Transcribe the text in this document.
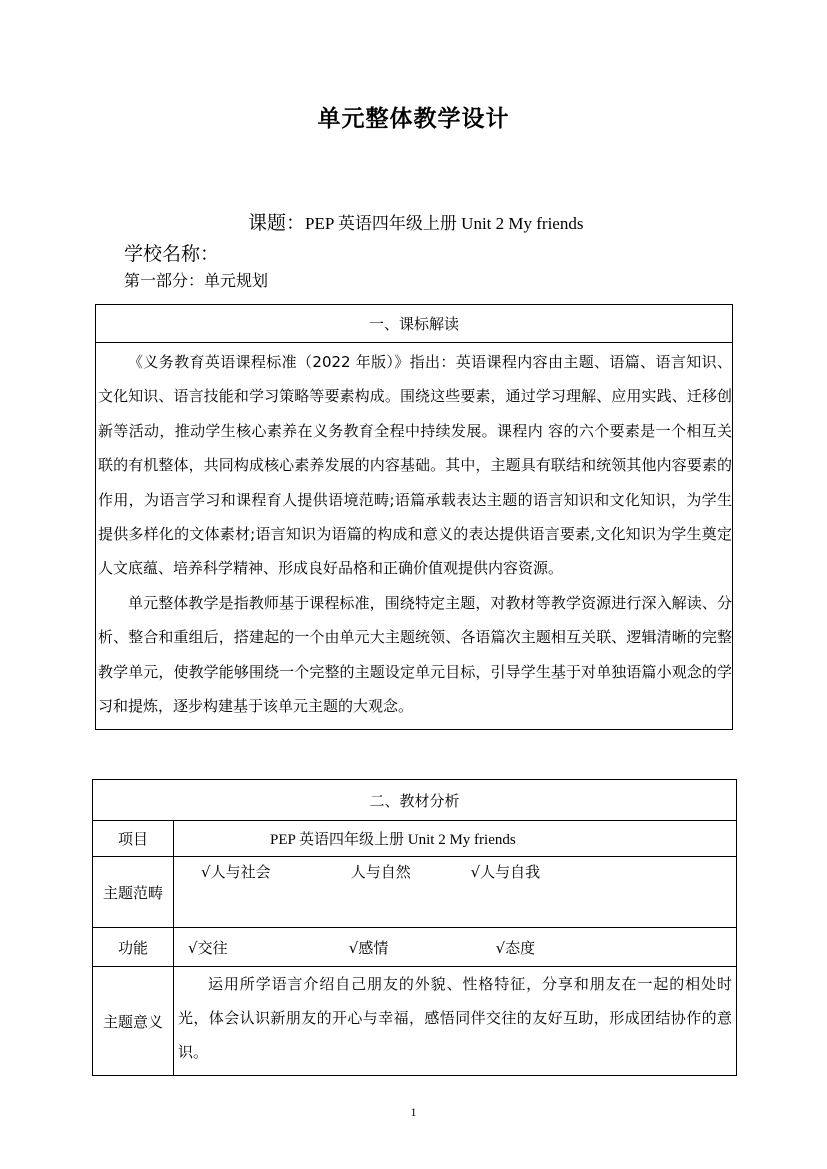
单元整体教学设计
课题：PEP 英语四年级上册 Unit 2 My friends
学校名称：
第一部分：单元规划
一、课标解读

《义务教育英语课程标准（2022 年版）》指出：英语课程内容由主题、语篇、语言知识、文化知识、语言技能和学习策略等要素构成。围绕这些要素，通过学习理解、应用实践、迁移创新等活动，推动学生核心素养在义务教育全程中持续发展。课程内 容的六个要素是一个相互关联的有机整体，共同构成核心素养发展的内容基础。其中，主题具有联结和统领其他内容要素的作用，为语言学习和课程育人提供语境范畴;语篇承载表达主题的语言知识和文化知识，为学生提供多样化的文体素材;语言知识为语篇的构成和意义的表达提供语言要素,文化知识为学生奠定人文底蕴、培养科学精神、形成良好品格和正确价值观提供内容资源。

单元整体教学是指教师基于课程标准，围绕特定主题，对教材等教学资源进行深入解读、分析、整合和重组后，搭建起的一个由单元大主题统领、各语篇次主题相互关联、逻辑清晰的完整教学单元，使教学能够围绕一个完整的主题设定单元目标，引导学生基于对单独语篇小观念的学习和提炼，逐步构建基于该单元主题的大观念。

二、教材分析	
项目	PEP 英语四年级上册 Unit 2 My friends
主题范畴	√人与社会 人与自然 √人与自我
功能	√交往 √感情 √态度
主题意义	运用所学语言介绍自己朋友的外貌、性格特征，分享和朋友在一起的相处时光，体会认识新朋友的开心与幸福，感悟同伴交往的友好互助，形成团结协作的意识。

1
